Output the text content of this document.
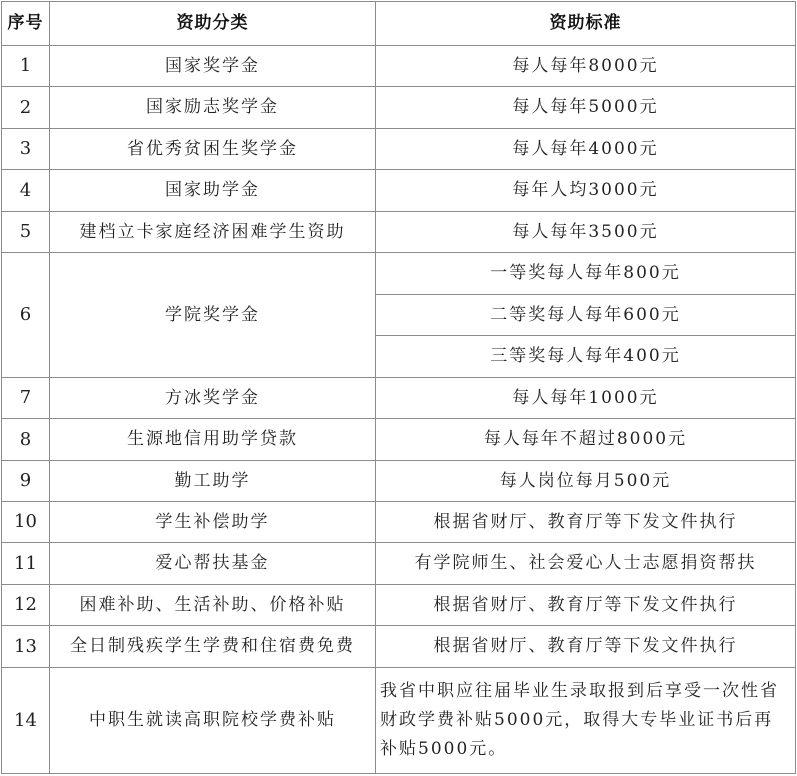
序号	资助分类	资助标准
1	国家奖学金	每人每年8000元
2	国家励志奖学金	每人每年5000元
3	省优秀贫困生奖学金	每人每年4000元
4	国家助学金	每年人均3000元
5	建档立卡家庭经济困难学生资助	每人每年3500元
6	学院奖学金	一等奖每人每年800元
		二等奖每人每年600元
		三等奖每人每年400元
7	方冰奖学金	每人每年1000元
8	生源地信用助学贷款	每人每年不超过8000元
9	勤工助学	每人岗位每月500元
10	学生补偿助学	根据省财厅、教育厅等下发文件执行
11	爱心帮扶基金	有学院师生、社会爱心人士志愿捐资帮扶
12	困难补助、生活补助、价格补贴	根据省财厅、教育厅等下发文件执行
13	全日制残疾学生学费和住宿费免费	根据省财厅、教育厅等下发文件执行
14	中职生就读高职院校学费补贴	我省中职应往届毕业生录取报到后享受一次性省财政学费补贴5000元，取得大专毕业证书后再补贴5000元。
